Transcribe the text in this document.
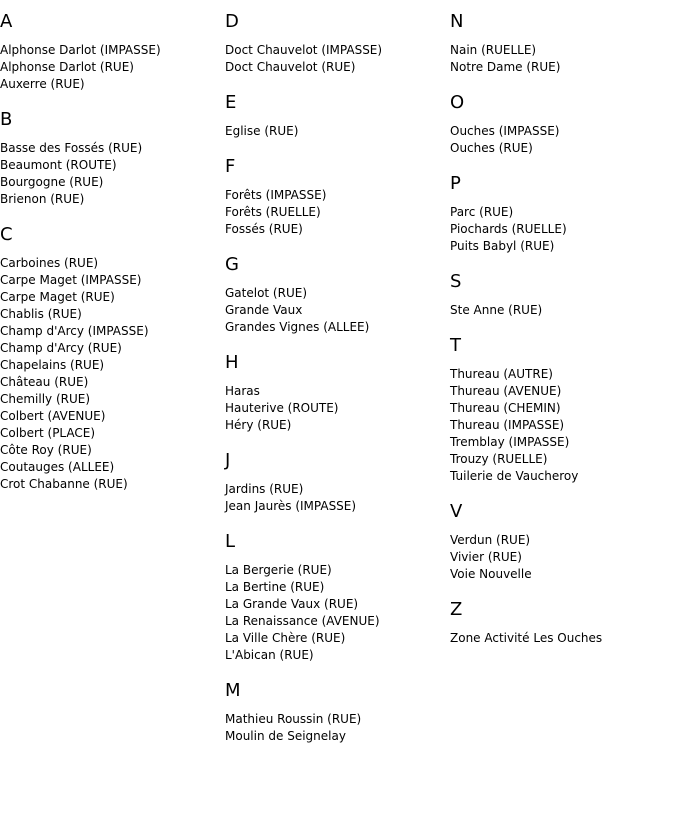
A
Alphonse Darlot (IMPASSE)
Alphonse Darlot (RUE)
Auxerre (RUE)
B
Basse des Fossés (RUE)
Beaumont (ROUTE)
Bourgogne (RUE)
Brienon (RUE)
C
Carboines (RUE)
Carpe Maget (IMPASSE)
Carpe Maget (RUE)
Chablis (RUE)
Champ d'Arcy (IMPASSE)
Champ d'Arcy (RUE)
Chapelains (RUE)
Château (RUE)
Chemilly (RUE)
Colbert (AVENUE)
Colbert (PLACE)
Côte Roy (RUE)
Coutauges (ALLEE)
Crot Chabanne (RUE)
D
Doct Chauvelot (IMPASSE)
Doct Chauvelot (RUE)
E
Eglise (RUE)
F
Forêts (IMPASSE)
Forêts (RUELLE)
Fossés (RUE)
G
Gatelot (RUE)
Grande Vaux
Grandes Vignes (ALLEE)
H
Haras
Hauterive (ROUTE)
Héry (RUE)
J
Jardins (RUE)
Jean Jaurès (IMPASSE)
L
La Bergerie (RUE)
La Bertine (RUE)
La Grande Vaux (RUE)
La Renaissance (AVENUE)
La Ville Chère (RUE)
L'Abican (RUE)
M
Mathieu Roussin (RUE)
Moulin de Seignelay
N
Nain (RUELLE)
Notre Dame (RUE)
O
Ouches (IMPASSE)
Ouches (RUE)
P
Parc (RUE)
Piochards (RUELLE)
Puits Babyl (RUE)
S
Ste Anne (RUE)
T
Thureau (AUTRE)
Thureau (AVENUE)
Thureau (CHEMIN)
Thureau (IMPASSE)
Tremblay (IMPASSE)
Trouzy (RUELLE)
Tuilerie de Vaucheroy
V
Verdun (RUE)
Vivier (RUE)
Voie Nouvelle
Z
Zone Activité Les Ouches
